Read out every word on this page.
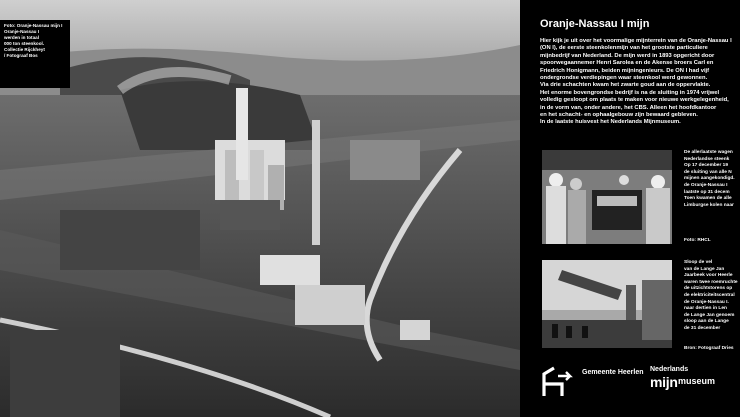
Foto: Oranje-Nassau mijn I
Oranje-Nassau I
werden in totaal
000 ton steenkool.
Collectie Rijckheyt
/ Fotograaf Bos
Oranje-Nassau I mijn
Hier kijk je uit over het voormalige mijnterrein van de Oranje-Nassau I
(ON I), de eerste steenkolenmijn van het grootste particuliere
mijnbedrijf van Nederland. De mijn werd in 1893 opgericht door
spoorwegaannemer Henri Sarolea en de Akense broers Carl en
Friedrich Honigmann, beiden mijningenieurs. De ON I had vijf
ondergrondse verdiepingen waar steenkool werd gewonnen.
Via drie schachten kwam het zwarte goud aan de oppervlakte.
Het enorme bovengrondse bedrijf is na de sluiting in 1974 vrijwel
volledig gesloopt om plaats te maken voor nieuwe werkgelegenheid,
in de vorm van, onder andere, het CBS. Alleen het hoofdkantoor
en het schacht- en ophaalgebouw zijn bewaard gebleven.
In de laatste huisvest het Nederlands Mijnmuseum.
De allerlaatste wagen
Nederlandse steenk
Op 17 december 19
de sluiting van alle N
mijnen aangekondigd.
de Oranje-Nassau I
laatste op 31 decem
Toen kwamen de alle
Limburgse kolen naar
Foto: RHCL
Sloop de vel
van de Lange Jan
Jaarbeek voor Heerle
waren twee roemruchte
de uitzichtstorens op
de elektriciteitscentral
de Oranje-Nassau I.
naar dertien in Len
de Lange Jan genoem
sloop aan de Lange
de 31 december
Bron: Fotograaf Dries
Gemeente Heerlen Nederlands
mijn museum
